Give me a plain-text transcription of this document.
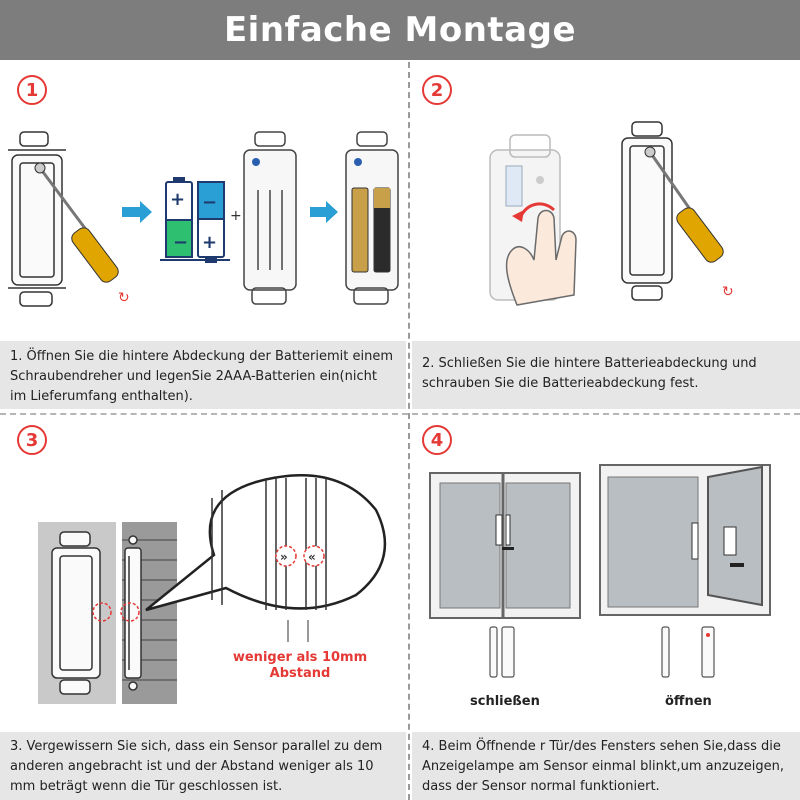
Einfache Montage
1
↻
+
−
−
+
+
1. Öffnen Sie die hintere Abdeckung der Batteriemit einem Schraubendreher und legenSie 2AAA-Batterien ein(nicht im Lieferumfang enthalten).
2
↻
2. Schließen Sie die hintere Batterieabdeckung und schrauben Sie die Batterieabdeckung fest.
3
» «
weniger als 10mm
Abstand
3. Vergewissern Sie sich, dass ein Sensor parallel zu dem anderen angebracht ist und der Abstand weniger als 10 mm beträgt wenn die Tür geschlossen ist.
4
schließen	öffnen
4. Beim Öffnende r Tür/des Fensters sehen Sie,dass die Anzeigelampe am Sensor einmal blinkt,um anzuzeigen, dass der Sensor normal funktioniert.
